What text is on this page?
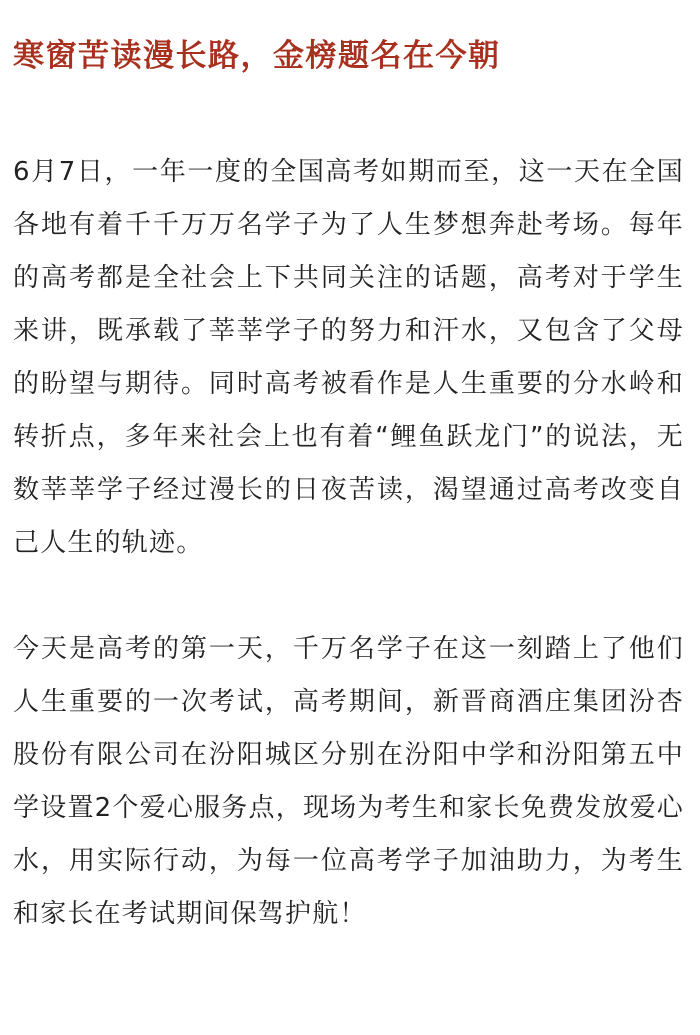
寒窗苦读漫长路，金榜题名在今朝

6月7日，一年一度的全国高考如期而至，这一天在全国各地有着千千万万名学子为了人生梦想奔赴考场。每年的高考都是全社会上下共同关注的话题，高考对于学生来讲，既承载了莘莘学子的努力和汗水，又包含了父母的盼望与期待。同时高考被看作是人生重要的分水岭和转折点，多年来社会上也有着“鲤鱼跃龙门”的说法，无数莘莘学子经过漫长的日夜苦读，渴望通过高考改变自己人生的轨迹。

今天是高考的第一天，千万名学子在这一刻踏上了他们人生重要的一次考试，高考期间，新晋商酒庄集团汾杏股份有限公司在汾阳城区分别在汾阳中学和汾阳第五中学设置2个爱心服务点，现场为考生和家长免费发放爱心水，用实际行动，为每一位高考学子加油助力，为考生和家长在考试期间保驾护航！
